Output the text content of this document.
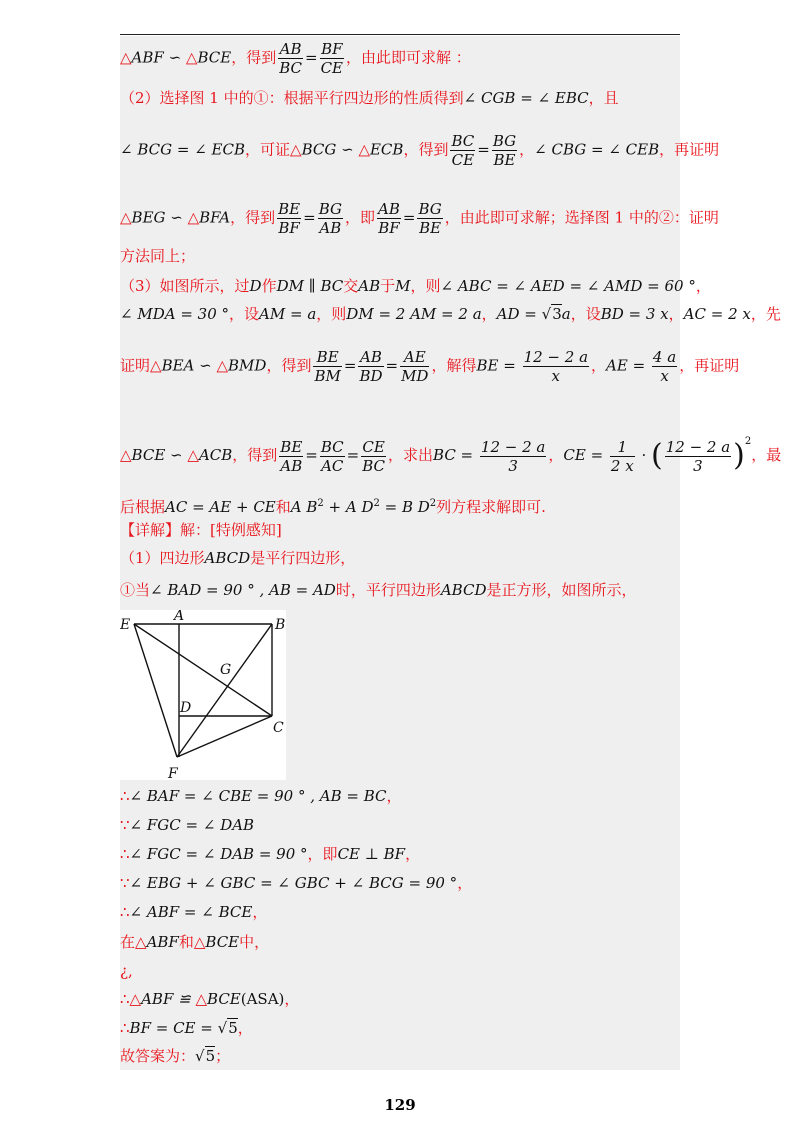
△ABF ∽ △BCE，得到 $\frac{AB}{BC} = \frac{BF}{CE}$ ，由此即可求解 ：
（2）选择图 1 中的①：根据平行四边形的性质得到∠ CGB = ∠ EBC，且
∠ BCG = ∠ ECB，可证△BCG ∽ △ECB，得到 $\frac{BC}{CE} = \frac{BG}{BE}$ ，∠ CBG = ∠ CEB，再证明
△BEG ∽ △BFA，得到 $\frac{BE}{BF} = \frac{BG}{AB}$ ，即 $\frac{AB}{BF} = \frac{BG}{BE}$ ，由此即可求解；选择图 1 中的②：证明
方法同上；
（3）如图所示，过D作DM ∥ BC交AB于M，则∠ ABC = ∠ AED = ∠ AMD = 60 °，
∠ MDA = 30 °，设AM = a，则DM = 2 AM = 2 a，AD = √3a，设BD = 3 x，AC = 2 x，先
证明△BEA ∽ △BMD，得到 $\frac{BE}{BM} = \frac{AB}{BD} = \frac{AE}{MD}$ ，解得BE = $\frac{12 - 2 a}{x}$ ，AE = $\frac{4 a}{x}$ ，再证明
△BCE ∽ △ACB，得到 $\frac{BE}{AB} = \frac{BC}{AC} = \frac{CE}{BC}$ ，求出BC = $\frac{12 - 2 a}{3}$ ，CE = $\frac{1}{2 x}$ · ( $\frac{12 - 2 a}{3} )^2$，最
后根据AC = AE + CE和A $B^2 + A$ $D^2 = B$ $D^2$列方程求解即可.
【详解】解：[特例感知]
（1）四边形ABCD是平行四边形，
①当∠ BAD = 90 ° , AB = AD时，平行四边形ABCD是正方形，如图所示，
E
A
B
G
D
C
F
∴∠ BAF = ∠ CBE = 90 ° , AB = BC，
∵∠ FGC = ∠ DAB
∴∠ FGC = ∠ DAB = 90 °，即CE ⊥ BF，
∵∠ EBG + ∠ GBC = ∠ GBC + ∠ BCG = 90 °，
∴∠ ABF = ∠ BCE，
在△ABF和△BCE中，
¿,
∴△ABF ≌ △BCE(ASA)，
∴BF = CE = √5，
故答案为：√5；
129
